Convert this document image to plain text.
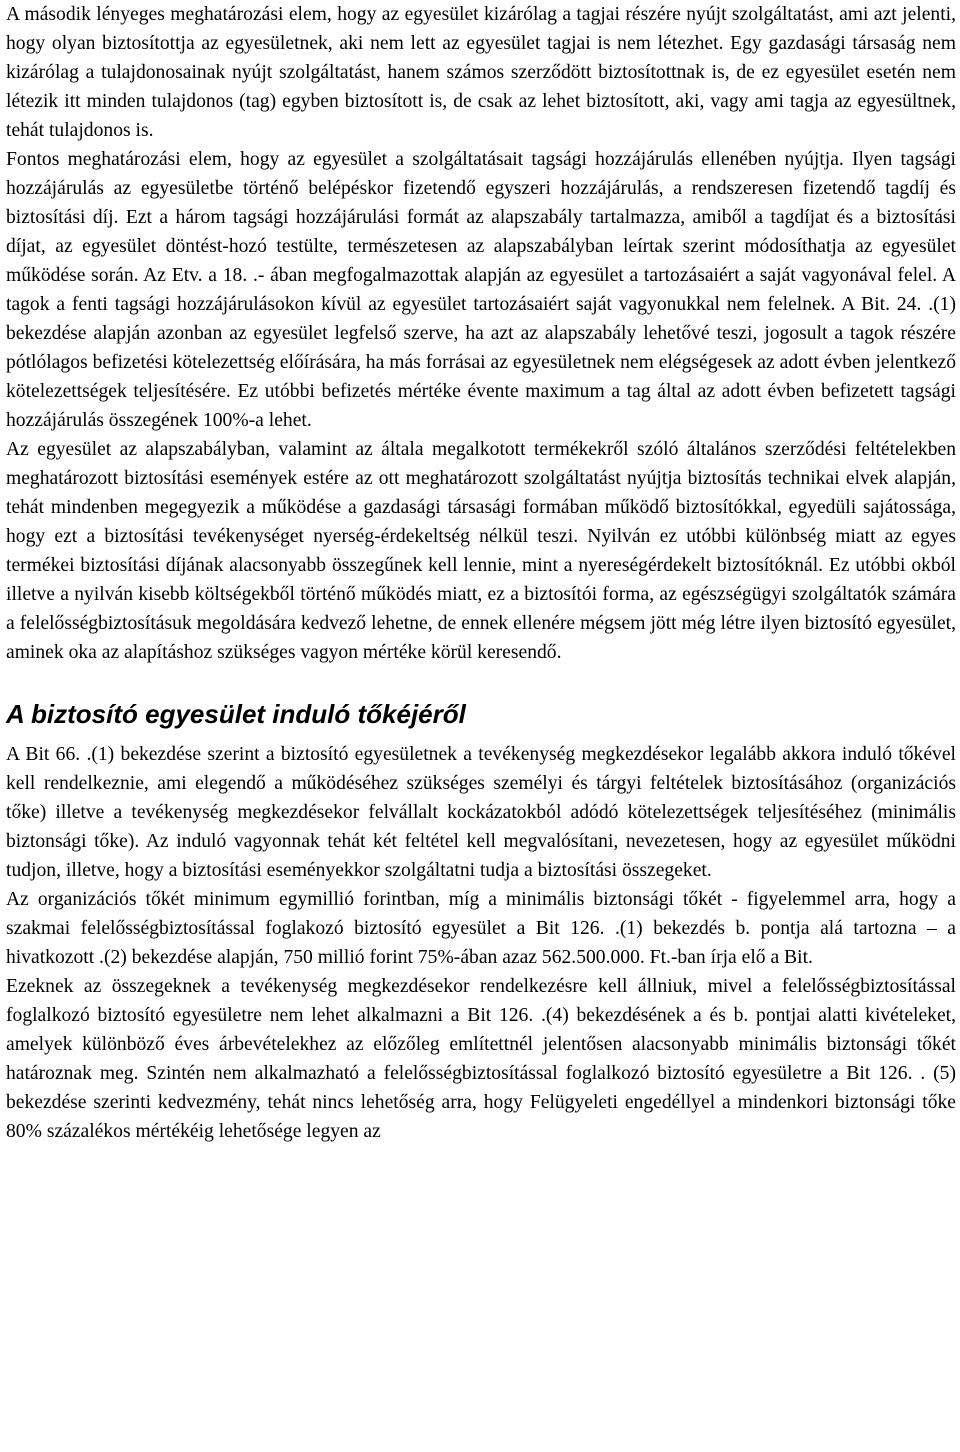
A második lényeges meghatározási elem, hogy az egyesület kizárólag a tagjai részére nyújt szolgáltatást, ami azt jelenti, hogy olyan biztosítottja az egyesületnek, aki nem lett az egyesület tagjai is nem létezhet. Egy gazdasági társaság nem kizárólag a tulajdonosainak nyújt szolgáltatást, hanem számos szerződött biztosítottnak is, de ez egyesület esetén nem létezik itt minden tulajdonos (tag) egyben biztosított is, de csak az lehet biztosított, aki, vagy ami tagja az egyesültnek, tehát tulajdonos is.

Fontos meghatározási elem, hogy az egyesület a szolgáltatásait tagsági hozzájárulás ellenében nyújtja. Ilyen tagsági hozzájárulás az egyesületbe történő belépéskor fizetendő egyszeri hozzájárulás, a rendszeresen fizetendő tagdíj és biztosítási díj. Ezt a három tagsági hozzájárulási formát az alapszabály tartalmazza, amiből a tagdíjat és a biztosítási díjat, az egyesület döntést-hozó testülte, természetesen az alapszabályban leírtak szerint módosíthatja az egyesület működése során. Az Etv. a 18. .- ában megfogalmazottak alapján az egyesület a tartozásaiért a saját vagyonával felel. A tagok a fenti tagsági hozzájárulásokon kívül az egyesület tartozásaiért saját vagyonukkal nem felelnek. A Bit. 24. .(1) bekezdése alapján azonban az egyesület legfelső szerve, ha azt az alapszabály lehetővé teszi, jogosult a tagok részére pótlólagos befizetési kötelezettség előírására, ha más forrásai az egyesületnek nem elégségesek az adott évben jelentkező kötelezettségek teljesítésére. Ez utóbbi befizetés mértéke évente maximum a tag által az adott évben befizetett tagsági hozzájárulás összegének 100%-a lehet.

Az egyesület az alapszabályban, valamint az általa megalkotott termékekről szóló általános szerződési feltételekben meghatározott biztosítási események estére az ott meghatározott szolgáltatást nyújtja biztosítás technikai elvek alapján, tehát mindenben megegyezik a működése a gazdasági társasági formában működő biztosítókkal, egyedüli sajátossága, hogy ezt a biztosítási tevékenységet nyerség-érdekeltség nélkül teszi. Nyilván ez utóbbi különbség miatt az egyes termékei biztosítási díjának alacsonyabb összegűnek kell lennie, mint a nyereségérdekelt biztosítóknál. Ez utóbbi okból illetve a nyilván kisebb költségekből történő működés miatt, ez a biztosítói forma, az egészségügyi szolgáltatók számára a felelősségbiztosításuk megoldására kedvező lehetne, de ennek ellenére mégsem jött még létre ilyen biztosító egyesület, aminek oka az alapításhoz szükséges vagyon mértéke körül keresendő.

A biztosító egyesület induló tőkéjéről

A Bit 66. .(1) bekezdése szerint a biztosító egyesületnek a tevékenység megkezdésekor legalább akkora induló tőkével kell rendelkeznie, ami elegendő a működéséhez szükséges személyi és tárgyi feltételek biztosításához (organizációs tőke) illetve a tevékenység megkezdésekor felvállalt kockázatokból adódó kötelezettségek teljesítéséhez (minimális biztonsági tőke). Az induló vagyonnak tehát két feltétel kell megvalósítani, nevezetesen, hogy az egyesület működni tudjon, illetve, hogy a biztosítási eseményekkor szolgáltatni tudja a biztosítási összegeket.

Az organizációs tőkét minimum egymillió forintban, míg a minimális biztonsági tőkét - figyelemmel arra, hogy a szakmai felelősségbiztosítással foglakozó biztosító egyesület a Bit 126. .(1) bekezdés b. pontja alá tartozna – a hivatkozott .(2) bekezdése alapján, 750 millió forint 75%-ában azaz 562.500.000. Ft.-ban írja elő a Bit.

Ezeknek az összegeknek a tevékenység megkezdésekor rendelkezésre kell állniuk, mivel a felelősségbiztosítással foglalkozó biztosító egyesületre nem lehet alkalmazni a Bit 126. .(4) bekezdésének a és b. pontjai alatti kivételeket, amelyek különböző éves árbevételekhez az előzőleg említettnél jelentősen alacsonyabb minimális biztonsági tőkét határoznak meg. Szintén nem alkalmazható a felelősségbiztosítással foglalkozó biztosító egyesületre a Bit 126. . (5) bekezdése szerinti kedvezmény, tehát nincs lehetőség arra, hogy Felügyeleti engedéllyel a mindenkori biztonsági tőke 80% százalékos mértékéig lehetősége legyen az
